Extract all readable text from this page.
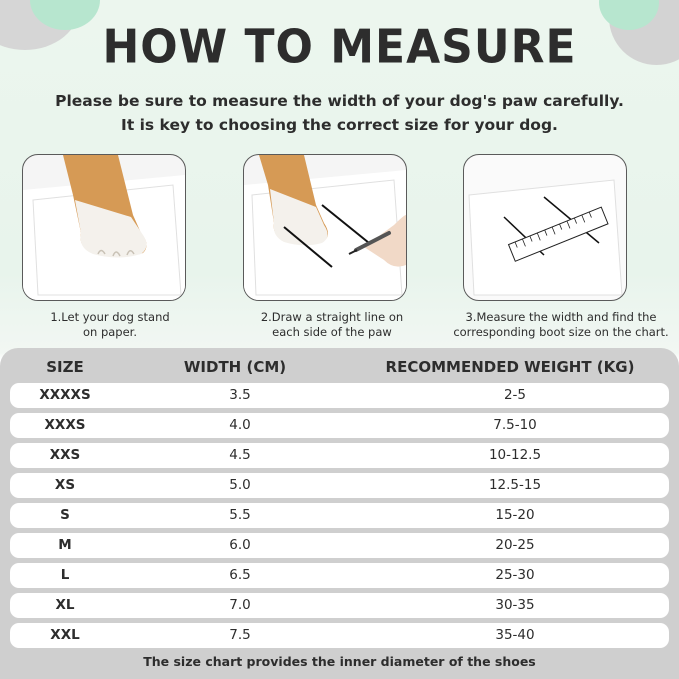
HOW TO MEASURE
Please be sure to measure the width of your dog's paw carefully.
It is key to choosing the correct size for your dog.
1.Let your dog stand
on paper.
2.Draw a straight line on
each side of the paw
3.Measure the width and find the
corresponding boot size on the chart.
SIZE	WIDTH (CM)	RECOMMENDED WEIGHT (KG)
XXXXS	3.5	2-5
XXXS	4.0	7.5-10
XXS	4.5	10-12.5
XS	5.0	12.5-15
S	5.5	15-20
M	6.0	20-25
L	6.5	25-30
XL	7.0	30-35
XXL	7.5	35-40
The size chart provides the inner diameter of the shoes
